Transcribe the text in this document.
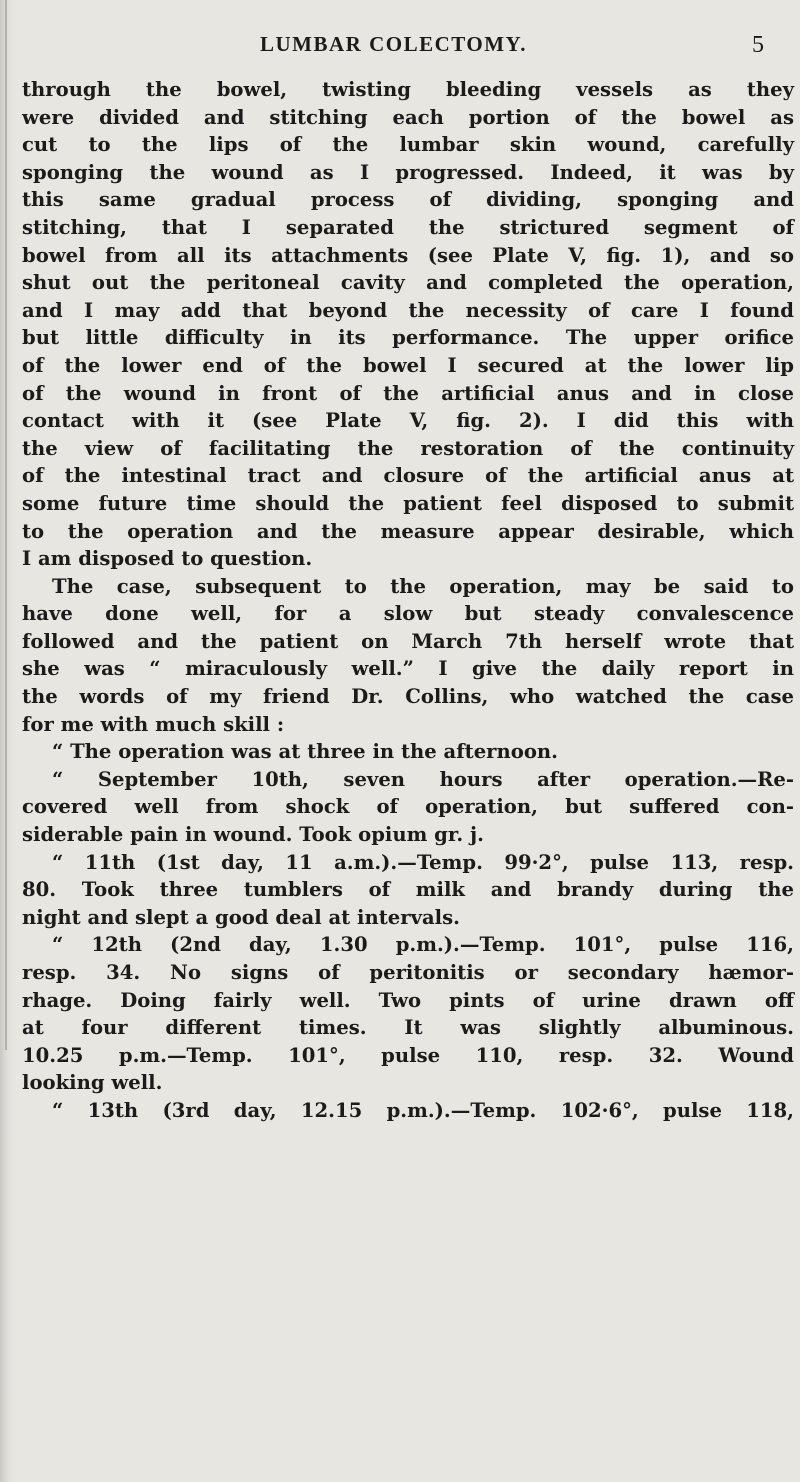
LUMBAR COLECTOMY.	5
through the bowel, twisting bleeding vessels as they
were divided and stitching each portion of the bowel as
cut to the lips of the lumbar skin wound, carefully
sponging the wound as I progressed. Indeed, it was by
this same gradual process of dividing, sponging and
stitching, that I separated the strictured segment of
bowel from all its attachments (see Plate V, fig. 1), and so
shut out the peritoneal cavity and completed the operation,
and I may add that beyond the necessity of care I found
but little difficulty in its performance. The upper orifice
of the lower end of the bowel I secured at the lower lip
of the wound in front of the artificial anus and in close
contact with it (see Plate V, fig. 2). I did this with
the view of facilitating the restoration of the continuity
of the intestinal tract and closure of the artificial anus at
some future time should the patient feel disposed to submit
to the operation and the measure appear desirable, which
I am disposed to question.
The case, subsequent to the operation, may be said to
have done well, for a slow but steady convalescence
followed and the patient on March 7th herself wrote that
she was “ miraculously well.” I give the daily report in
the words of my friend Dr. Collins, who watched the case
for me with much skill :
“ The operation was at three in the afternoon.
“ September 10th, seven hours after operation.—Re-
covered well from shock of operation, but suffered con-
siderable pain in wound. Took opium gr. j.
“ 11th (1st day, 11 a.m.).—Temp. 99·2°, pulse 113, resp.
80. Took three tumblers of milk and brandy during the
night and slept a good deal at intervals.
“ 12th (2nd day, 1.30 p.m.).—Temp. 101°, pulse 116,
resp. 34. No signs of peritonitis or secondary hæmor-
rhage. Doing fairly well. Two pints of urine drawn off
at four different times. It was slightly albuminous.
10.25 p.m.—Temp. 101°, pulse 110, resp. 32. Wound
looking well.
“ 13th (3rd day, 12.15 p.m.).—Temp. 102·6°, pulse 118,
